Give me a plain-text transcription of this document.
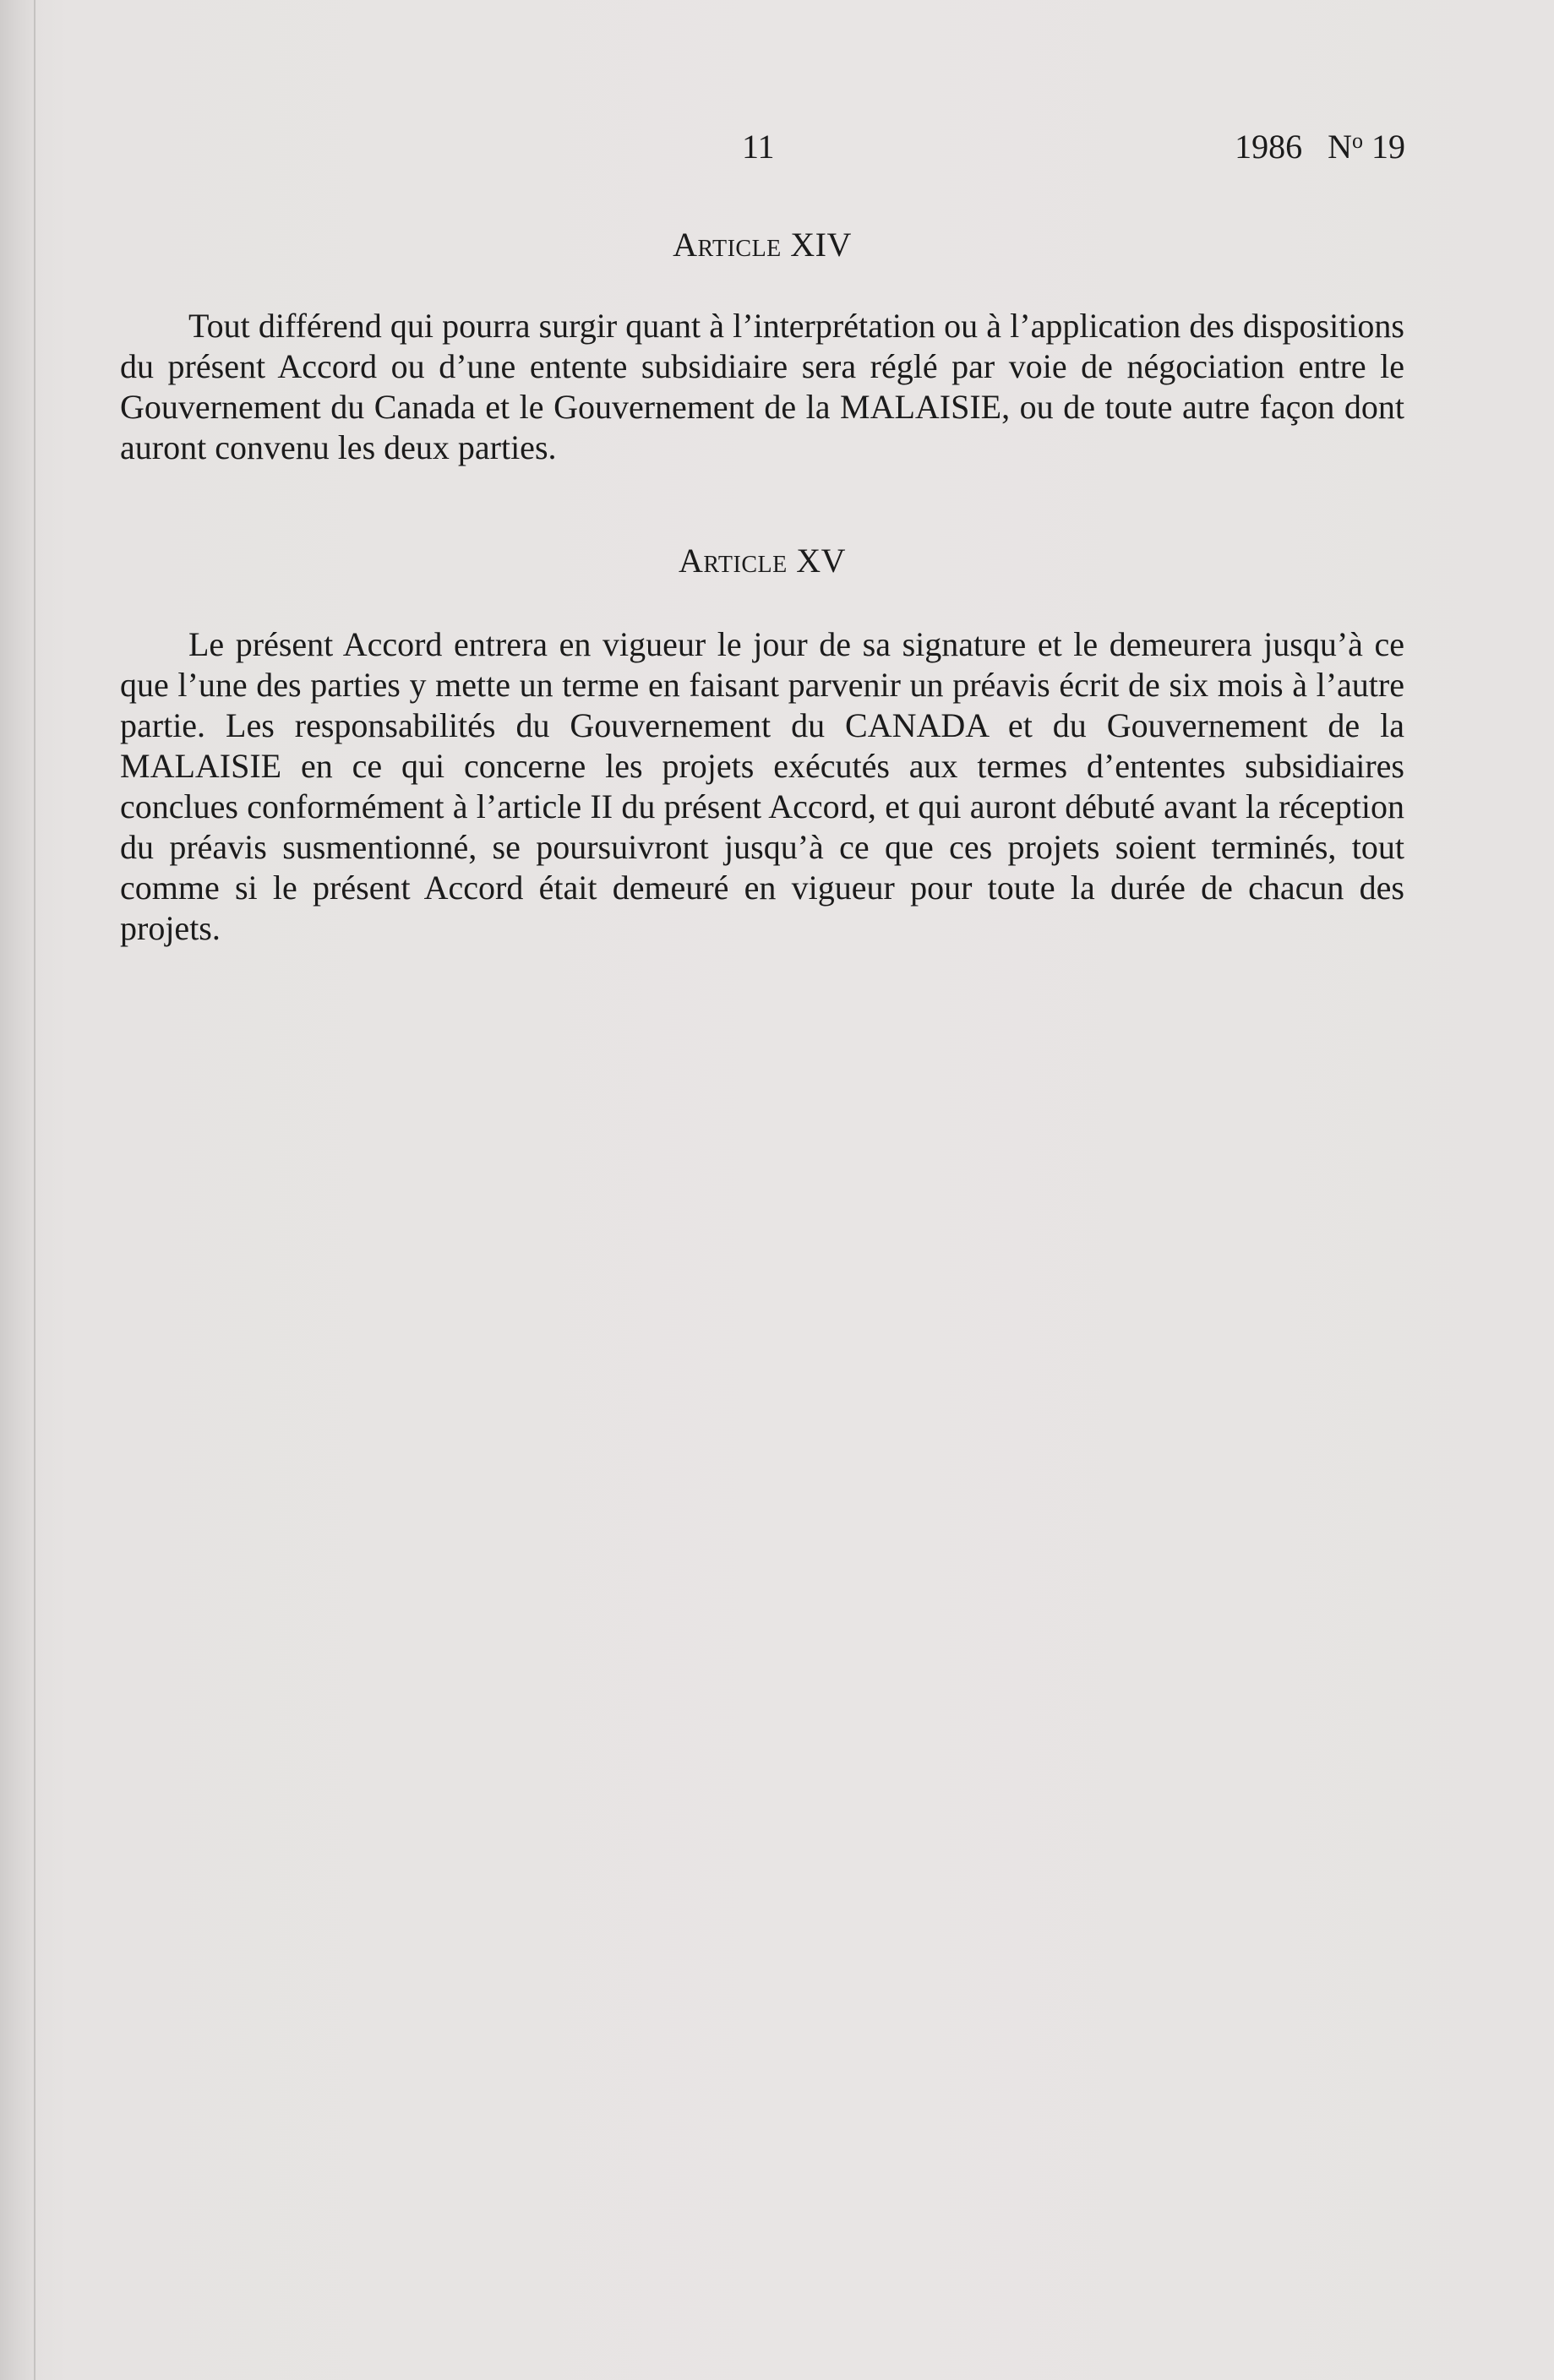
11	1986 $N^o$ 19
Article XIV

Tout différend qui pourra surgir quant à l’interprétation ou à l’application des dispositions du présent Accord ou d’une entente subsidiaire sera réglé par voie de négociation entre le Gouvernement du Canada et le Gouvernement de la MALAISIE, ou de toute autre façon dont auront convenu les deux parties.

Article XV

Le présent Accord entrera en vigueur le jour de sa signature et le demeurera jusqu’à ce que l’une des parties y mette un terme en faisant parvenir un préavis écrit de six mois à l’autre partie. Les responsabilités du Gouvernement du CANADA et du Gouvernement de la MALAISIE en ce qui concerne les projets exécutés aux termes d’ententes subsidiaires conclues conformément à l’article II du présent Accord, et qui auront débuté avant la réception du préavis susmentionné, se poursuivront jusqu’à ce que ces projets soient terminés, tout comme si le présent Accord était demeuré en vigueur pour toute la durée de chacun des projets.
